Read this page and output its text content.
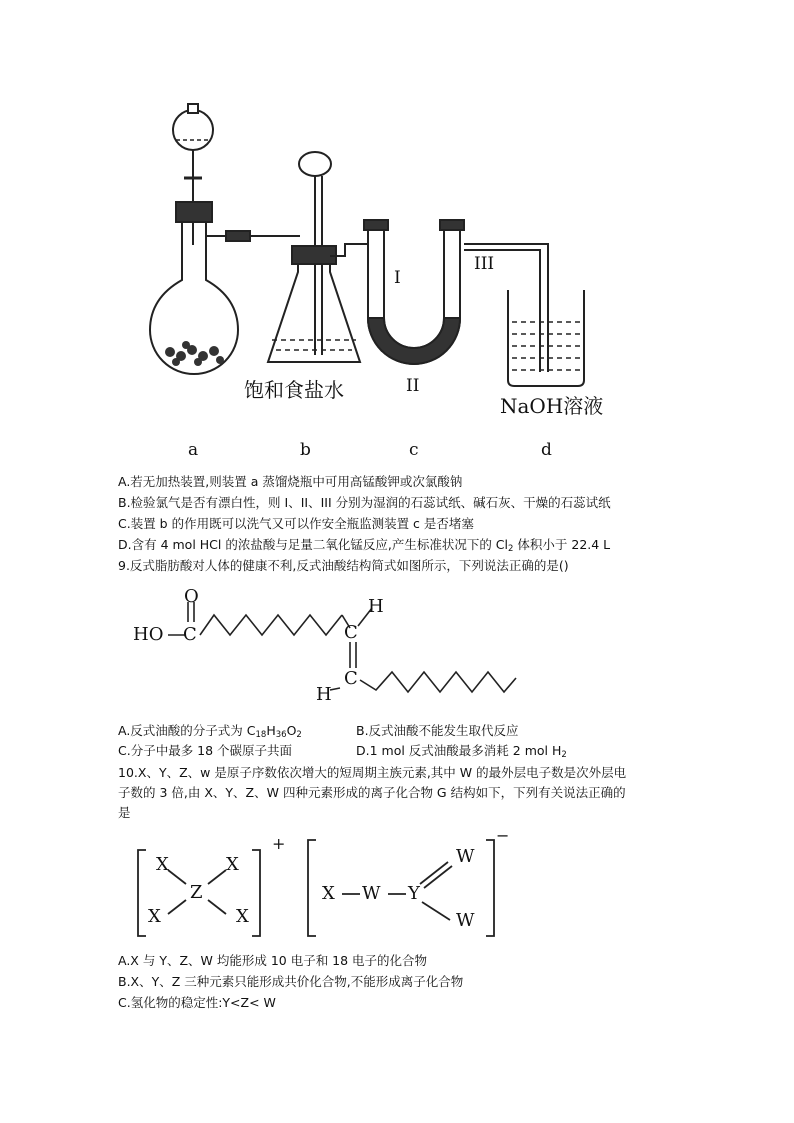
饱和食盐水
NaOH溶液
I
II
III
a	b	c	d
A.若无加热装置,则装置 a 蒸馏烧瓶中可用高锰酸钾或次氯酸钠
B.检验氯气是否有漂白性，则 I、II、III 分别为湿润的石蕊试纸、碱石灰、干燥的石蕊试纸
C.装置 b 的作用既可以洗气又可以作安全瓶监测装置 c 是否堵塞
D.含有 4 mol HCl 的浓盐酸与足量二氧化锰反应,产生标准状况下的 $Cl_2$ 体积小于 22.4 L
9.反式脂肪酸对人体的健康不利,反式油酸结构简式如图所示，下列说法正确的是()
HO C
O	H
C
C
H
A.反式油酸的分子式为 $C_{18}H_{36}O_2$	B.反式油酸不能发生取代反应
C.分子中最多 18 个碳原子共面	D.1 mol 反式油酸最多消耗 2 mol $H_2$
10.X、Y、Z、w 是原子序数依次增大的短周期主族元素,其中 W 的最外层电子数是次外层电
子数的 3 倍,由 X、Y、Z、W 四种元素形成的离子化合物 G 结构如下，下列有关说法正确的
是
X	X
Z
X	X
+
X W Y
W
W
−
A.X 与 Y、Z、W 均能形成 10 电子和 18 电子的化合物
B.X、Y、Z 三种元素只能形成共价化合物,不能形成离子化合物
C.氢化物的稳定性:Y<Z< W
